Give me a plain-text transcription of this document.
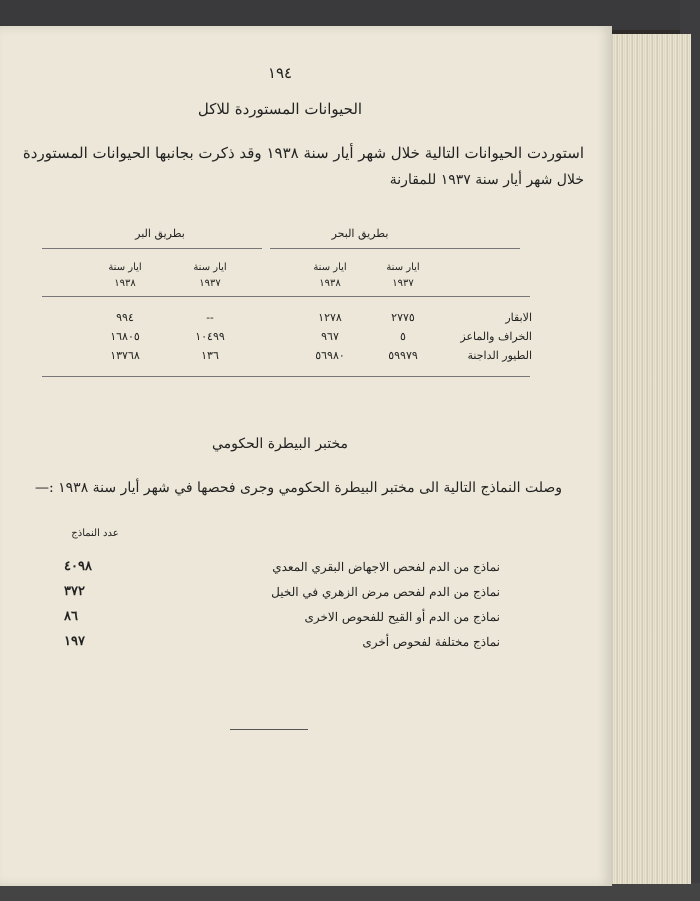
١٩٤
الحيوانات المستوردة للاكل
استوردت الحيوانات التالية خلال شهر أيار سنة ١٩٣٨ وقد ذكرت بجانبها الحيوانات المستوردة
خلال شهر أيار سنة ١٩٣٧ للمقارنة
بطريق البحر
بطريق البر
ايار سنة
١٩٣٧
ايار سنة
١٩٣٨
ايار سنة
١٩٣٧
ايار سنة
١٩٣٨
الابقار
٢٧٧٥
١٢٧٨
--
٩٩٤
الخراف والماعز
٥
٩٦٧
١٠٤٩٩
١٦٨٠٥
الطيور الداجنة
٥٩٩٧٩
٥٦٩٨٠
١٣٦
١٣٧٦٨
مختبر البيطرة الحكومي
وصلت النماذج التالية الى مختبر البيطرة الحكومي وجرى فحصها في شهر أيار سنة ١٩٣٨ :—
عدد النماذج
نماذج من الدم لفحص الاجهاض البقري المعدي
٤٠٩٨
نماذج من الدم لفحص مرض الزهري في الخيل
٣٧٢
نماذج من الدم أو القيح للفحوص الاخرى
٨٦
نماذج مختلفة لفحوص أخرى
١٩٧
